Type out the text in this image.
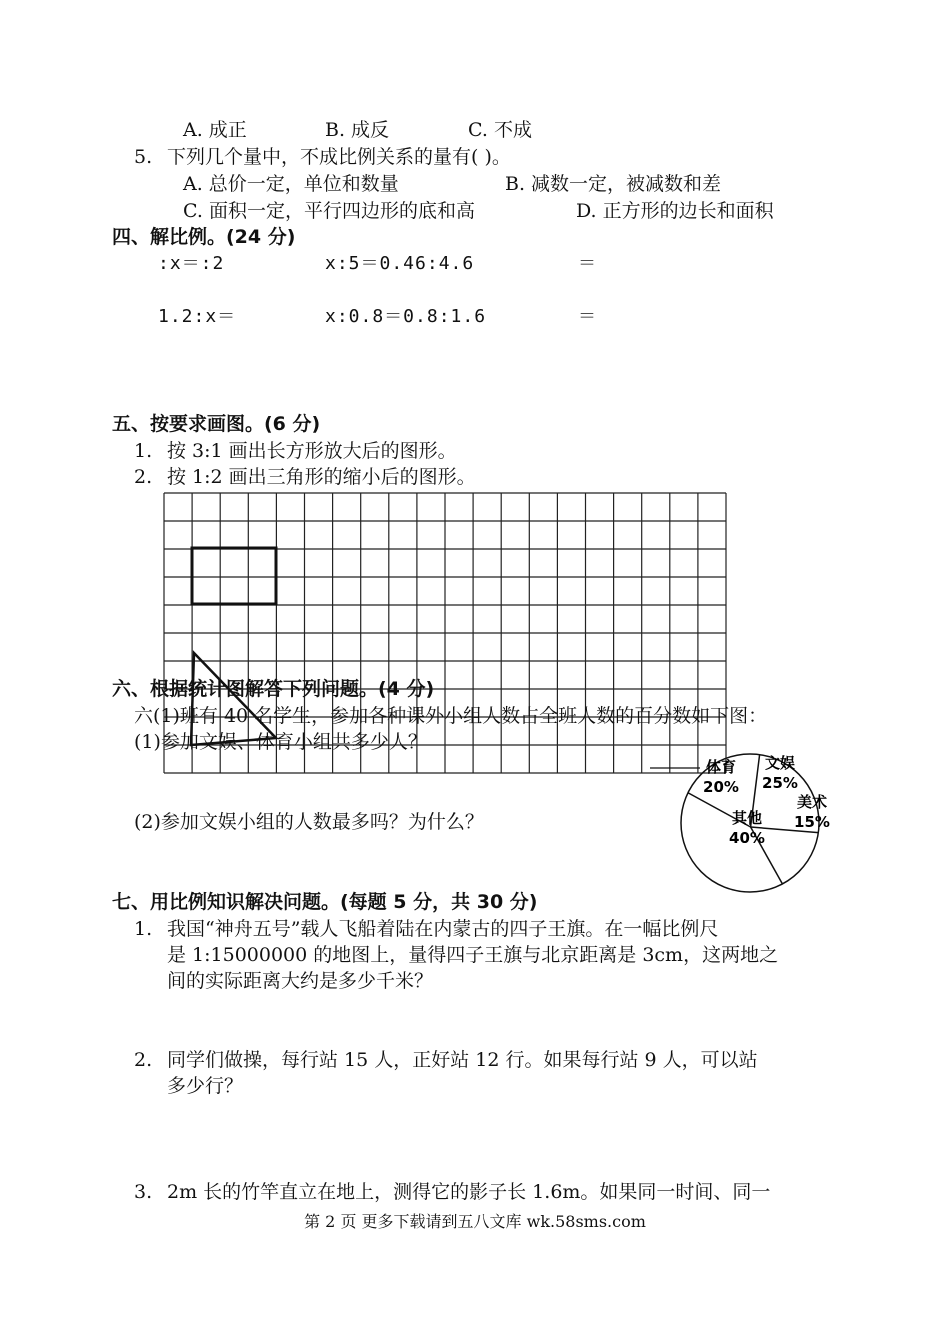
A. 成正	B. 成反	C. 不成
5. 下列几个量中，不成比例关系的量有( )。
A. 总价一定，单位和数量	B. 减数一定，被减数和差
C. 面积一定，平行四边形的底和高	D. 正方形的边长和面积
四、解比例。(24 分)
:x＝:2	x:5＝0.46:4.6	＝
1.2:x＝	x:0.8＝0.8:1.6	＝
五、按要求画图。(6 分)
1. 按 3:1 画出长方形放大后的图形。
2. 按 1:2 画出三角形的缩小后的图形。
六、根据统计图解答下列问题。(4 分)
六(1)班有 40 名学生，参加各种课外小组人数占全班人数的百分数如下图：
(1)参加文娱、体育小组共多少人？
(2)参加文娱小组的人数最多吗？为什么？
体育
20%
文娱
25%
美术
15%
其他
40%
七、用比例知识解决问题。(每题 5 分，共 30 分)
1. 我国“神舟五号”载人飞船着陆在内蒙古的四子王旗。在一幅比例尺
是 1:15000000 的地图上，量得四子王旗与北京距离是 3cm，这两地之
间的实际距离大约是多少千米？
2. 同学们做操，每行站 15 人，正好站 12 行。如果每行站 9 人，可以站
多少行？
3. 2m 长的竹竿直立在地上，测得它的影子长 1.6m。如果同一时间、同一
第 2 页 更多下载请到五八文库 wk.58sms.com
